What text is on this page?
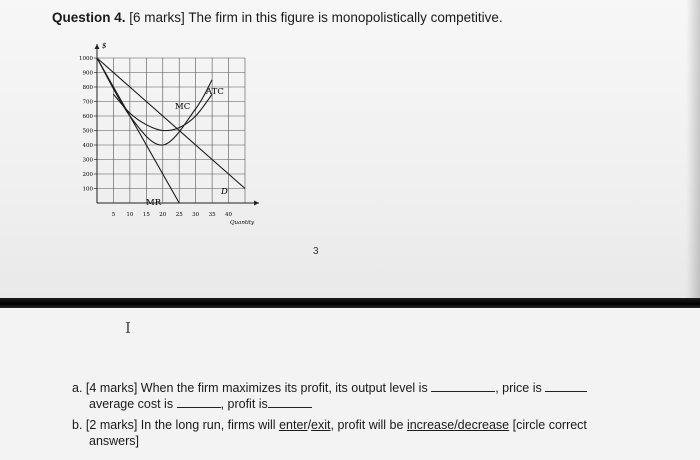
Question 4. [6 marks] The firm in this figure is monopolistically competitive.
5 10 15 20 25 30 35 40
100
200
300
400
500
600
700
800
900
1000
$
Quantity
ATC
MC
D
MR
3
I
a. [4 marks] When the firm maximizes its profit, its output level is	, price is
average cost is	, profit is
b. [2 marks] In the long run, firms will enter/exit, profit will be increase/decrease [circle correct
answers]
